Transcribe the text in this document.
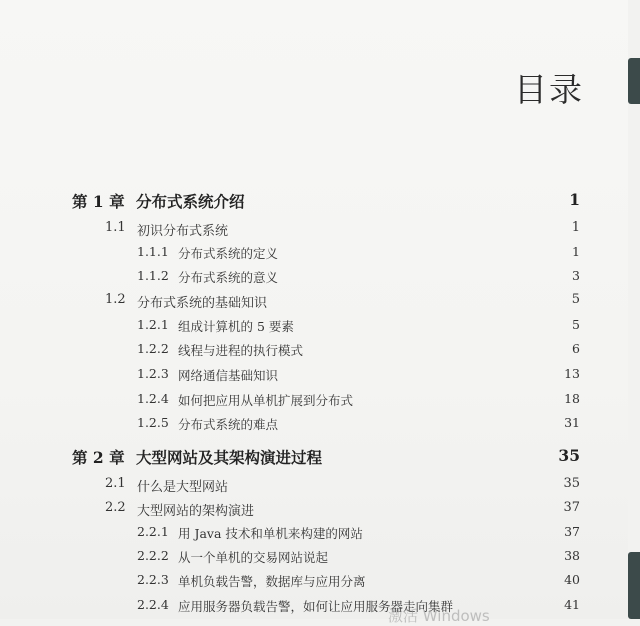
目录
第 1 章 分布式系统介绍	1
1.1 初识分布式系统	1
1.1.1 分布式系统的定义	1
1.1.2 分布式系统的意义	3
1.2 分布式系统的基础知识	5
1.2.1 组成计算机的 5 要素	5
1.2.2 线程与进程的执行模式	6
1.2.3 网络通信基础知识	13
1.2.4 如何把应用从单机扩展到分布式	18
1.2.5 分布式系统的难点	31
第 2 章 大型网站及其架构演进过程	35
2.1 什么是大型网站	35
2.2 大型网站的架构演进	37
2.2.1 用 Java 技术和单机来构建的网站	37
2.2.2 从一个单机的交易网站说起	38
2.2.3 单机负载告警，数据库与应用分离	40
2.2.4 应用服务器负载告警，如何让应用服务器走向集群	41
激活 Windows
